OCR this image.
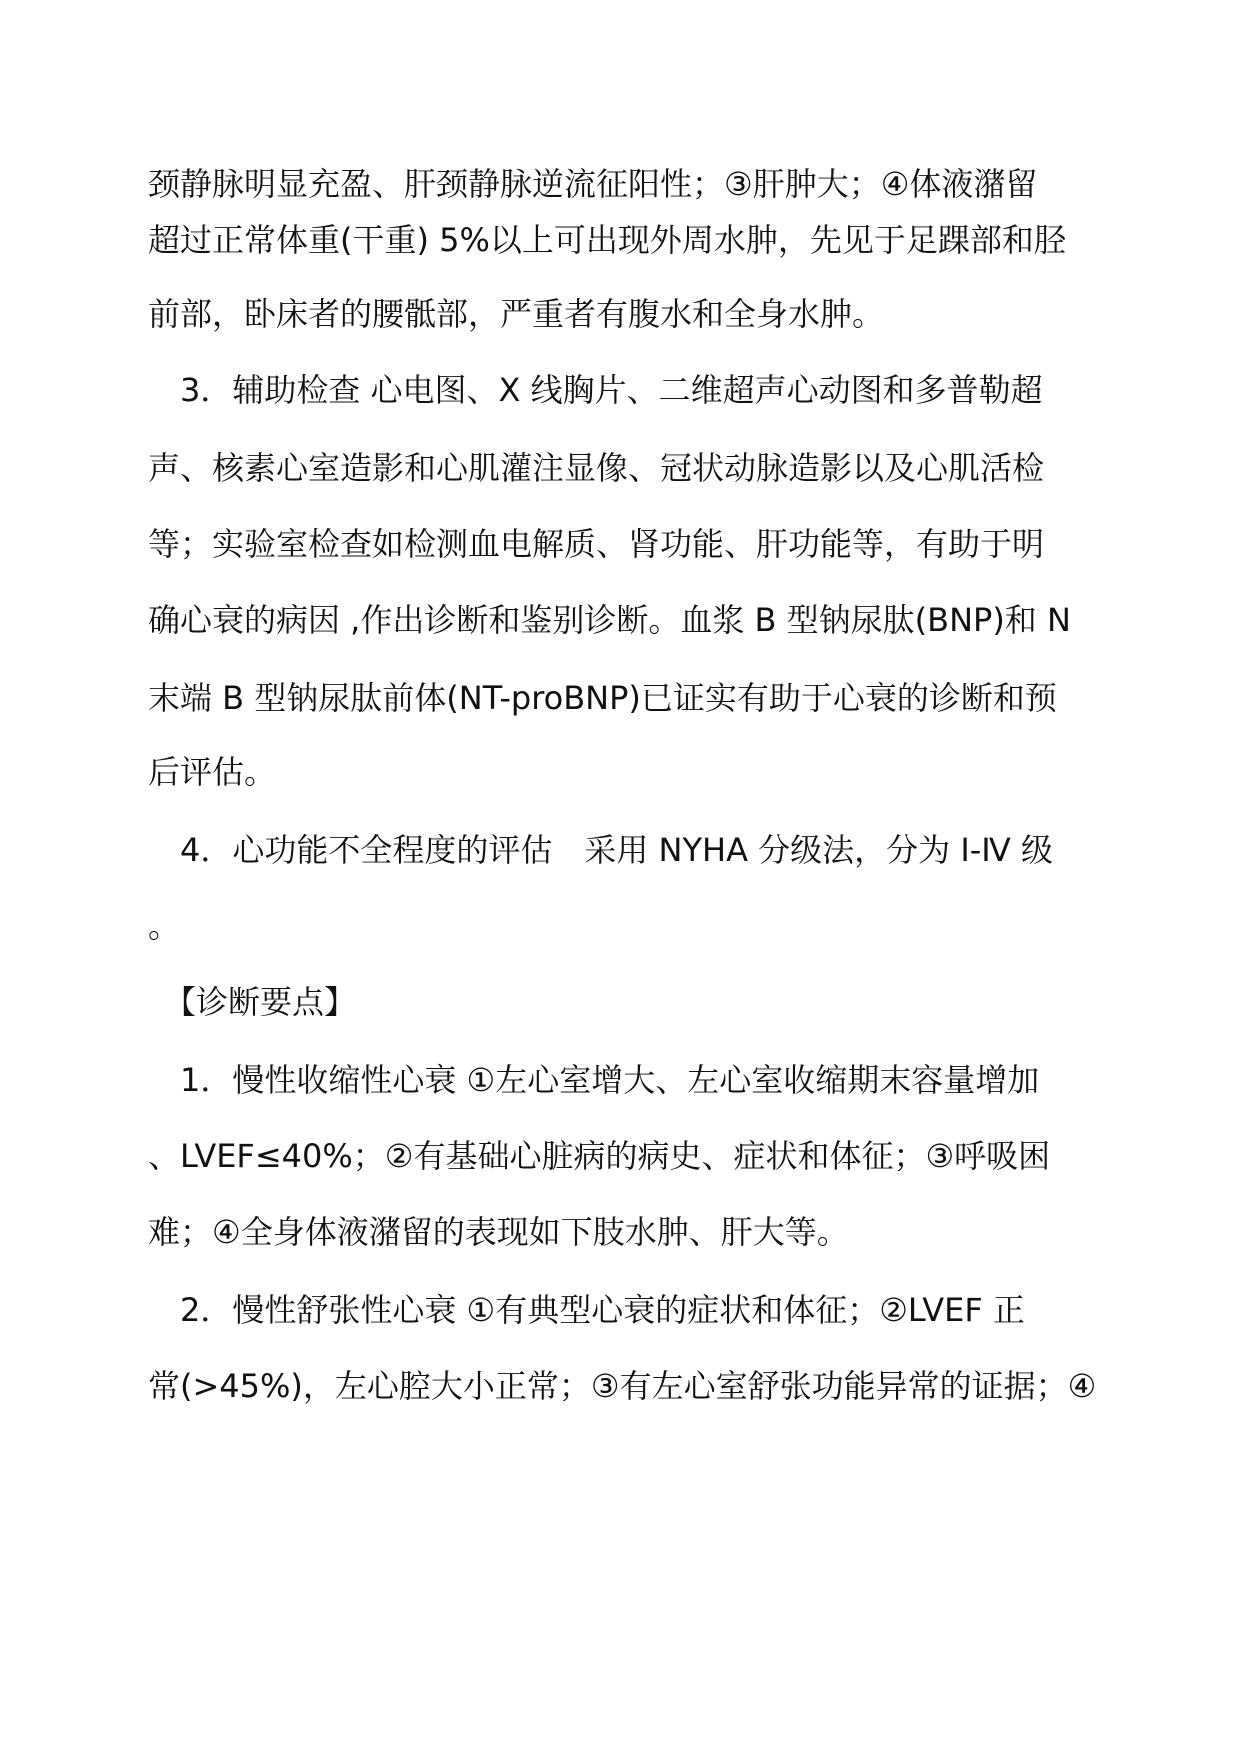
颈静脉明显充盈、肝颈静脉逆流征阳性；③肝肿大；④体液潴留
超过正常体重(干重) 5%以上可出现外周水肿，先见于足踝部和胫
前部，卧床者的腰骶部，严重者有腹水和全身水肿。
　3．辅助检查 心电图、X 线胸片、二维超声心动图和多普勒超
声、核素心室造影和心肌灌注显像、冠状动脉造影以及心肌活检
等；实验室检查如检测血电解质、肾功能、肝功能等，有助于明
确心衰的病因 ,作出诊断和鉴别诊断。血浆 B 型钠尿肽(BNP)和 N
末端 B 型钠尿肽前体(NT-proBNP)已证实有助于心衰的诊断和预
后评估。
　4．心功能不全程度的评估　采用 NYHA 分级法，分为 I-Ⅳ 级
。
　【诊断要点】
　1．慢性收缩性心衰 ①左心室增大、左心室收缩期末容量增加
、LVEF≤40%；②有基础心脏病的病史、症状和体征；③呼吸困
难；④全身体液潴留的表现如下肢水肿、肝大等。
　2．慢性舒张性心衰 ①有典型心衰的症状和体征；②LVEF 正
常(>45%)，左心腔大小正常；③有左心室舒张功能异常的证据；④
